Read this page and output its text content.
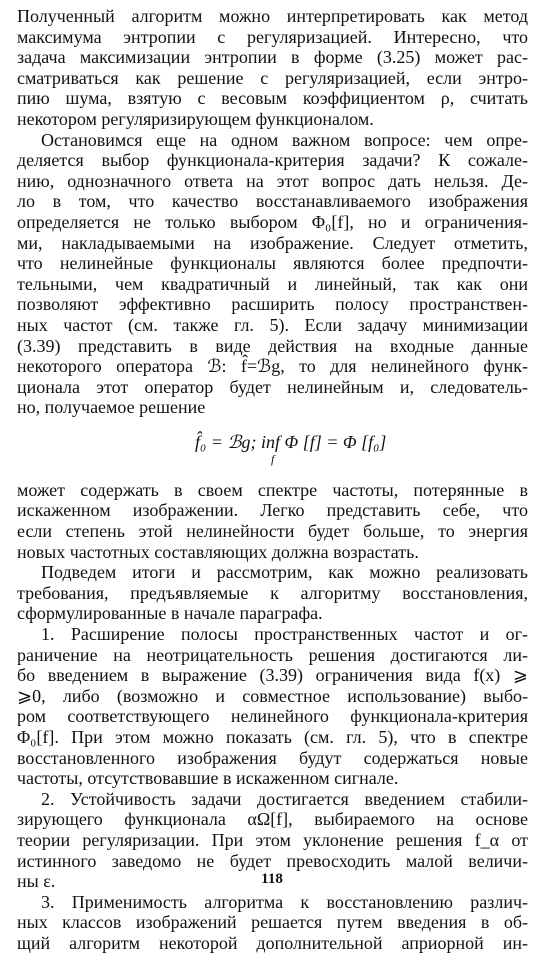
Полученный алгоритм можно интерпретировать как метод
максимума энтропии с регуляризацией. Интересно, что
задача максимизации энтропии в форме (3.25) может рас-
сматриваться как решение с регуляризацией, если энтро-
пию шума, взятую с весовым коэффициентом ρ, считать
некотором регуляризирующем функционалом.

Остановимся еще на одном важном вопросе: чем опре-
деляется выбор функционала-критерия задачи? К сожале-
нию, однозначного ответа на этот вопрос дать нельзя. Де-
ло в том, что качество восстанавливаемого изображения
определяется не только выбором Φ₀[f], но и ограничения-
ми, накладываемыми на изображение. Следует отметить,
что нелинейные функционалы являются более предпочти-
тельными, чем квадратичный и линейный, так как они
позволяют эффективно расширить полосу пространствен-
ных частот (см. также гл. 5). Если задачу минимизации
(3.39) представить в виде действия на входные данные
некоторого оператора ℬ: f̂=ℬg, то для нелинейного функ-
ционала этот оператор будет нелинейным и, следователь-
но, получаемое решение

f̂₀ = ℬg; inf Φ [f] = Φ [f₀]
f

может содержать в своем спектре частоты, потерянные в
искаженном изображении. Легко представить себе, что
если степень этой нелинейности будет больше, то энергия
новых частотных составляющих должна возрастать.

Подведем итоги и рассмотрим, как можно реализовать
требования, предъявляемые к алгоритму восстановления,
сформулированные в начале параграфа.

1. Расширение полосы пространственных частот и ог-
раничение на неотрицательность решения достигаются ли-
бо введением в выражение (3.39) ограничения вида f(x) ⩾
⩾0, либо (возможно и совместное использование) выбо-
ром соответствующего нелинейного функционала-критерия
Φ₀[f]. При этом можно показать (см. гл. 5), что в спектре
восстановленного изображения будут содержаться новые
частоты, отсутствовавшие в искаженном сигнале.

2. Устойчивость задачи достигается введением стабили-
зирующего функционала αΩ[f], выбираемого на основе
теории регуляризации. При этом уклонение решения f_α от
истинного заведомо не будет превосходить малой величи-
ны ε.

3. Применимость алгоритма к восстановлению различ-
ных классов изображений решается путем введения в об-
щий алгоритм некоторой дополнительной априорной ин-

118
